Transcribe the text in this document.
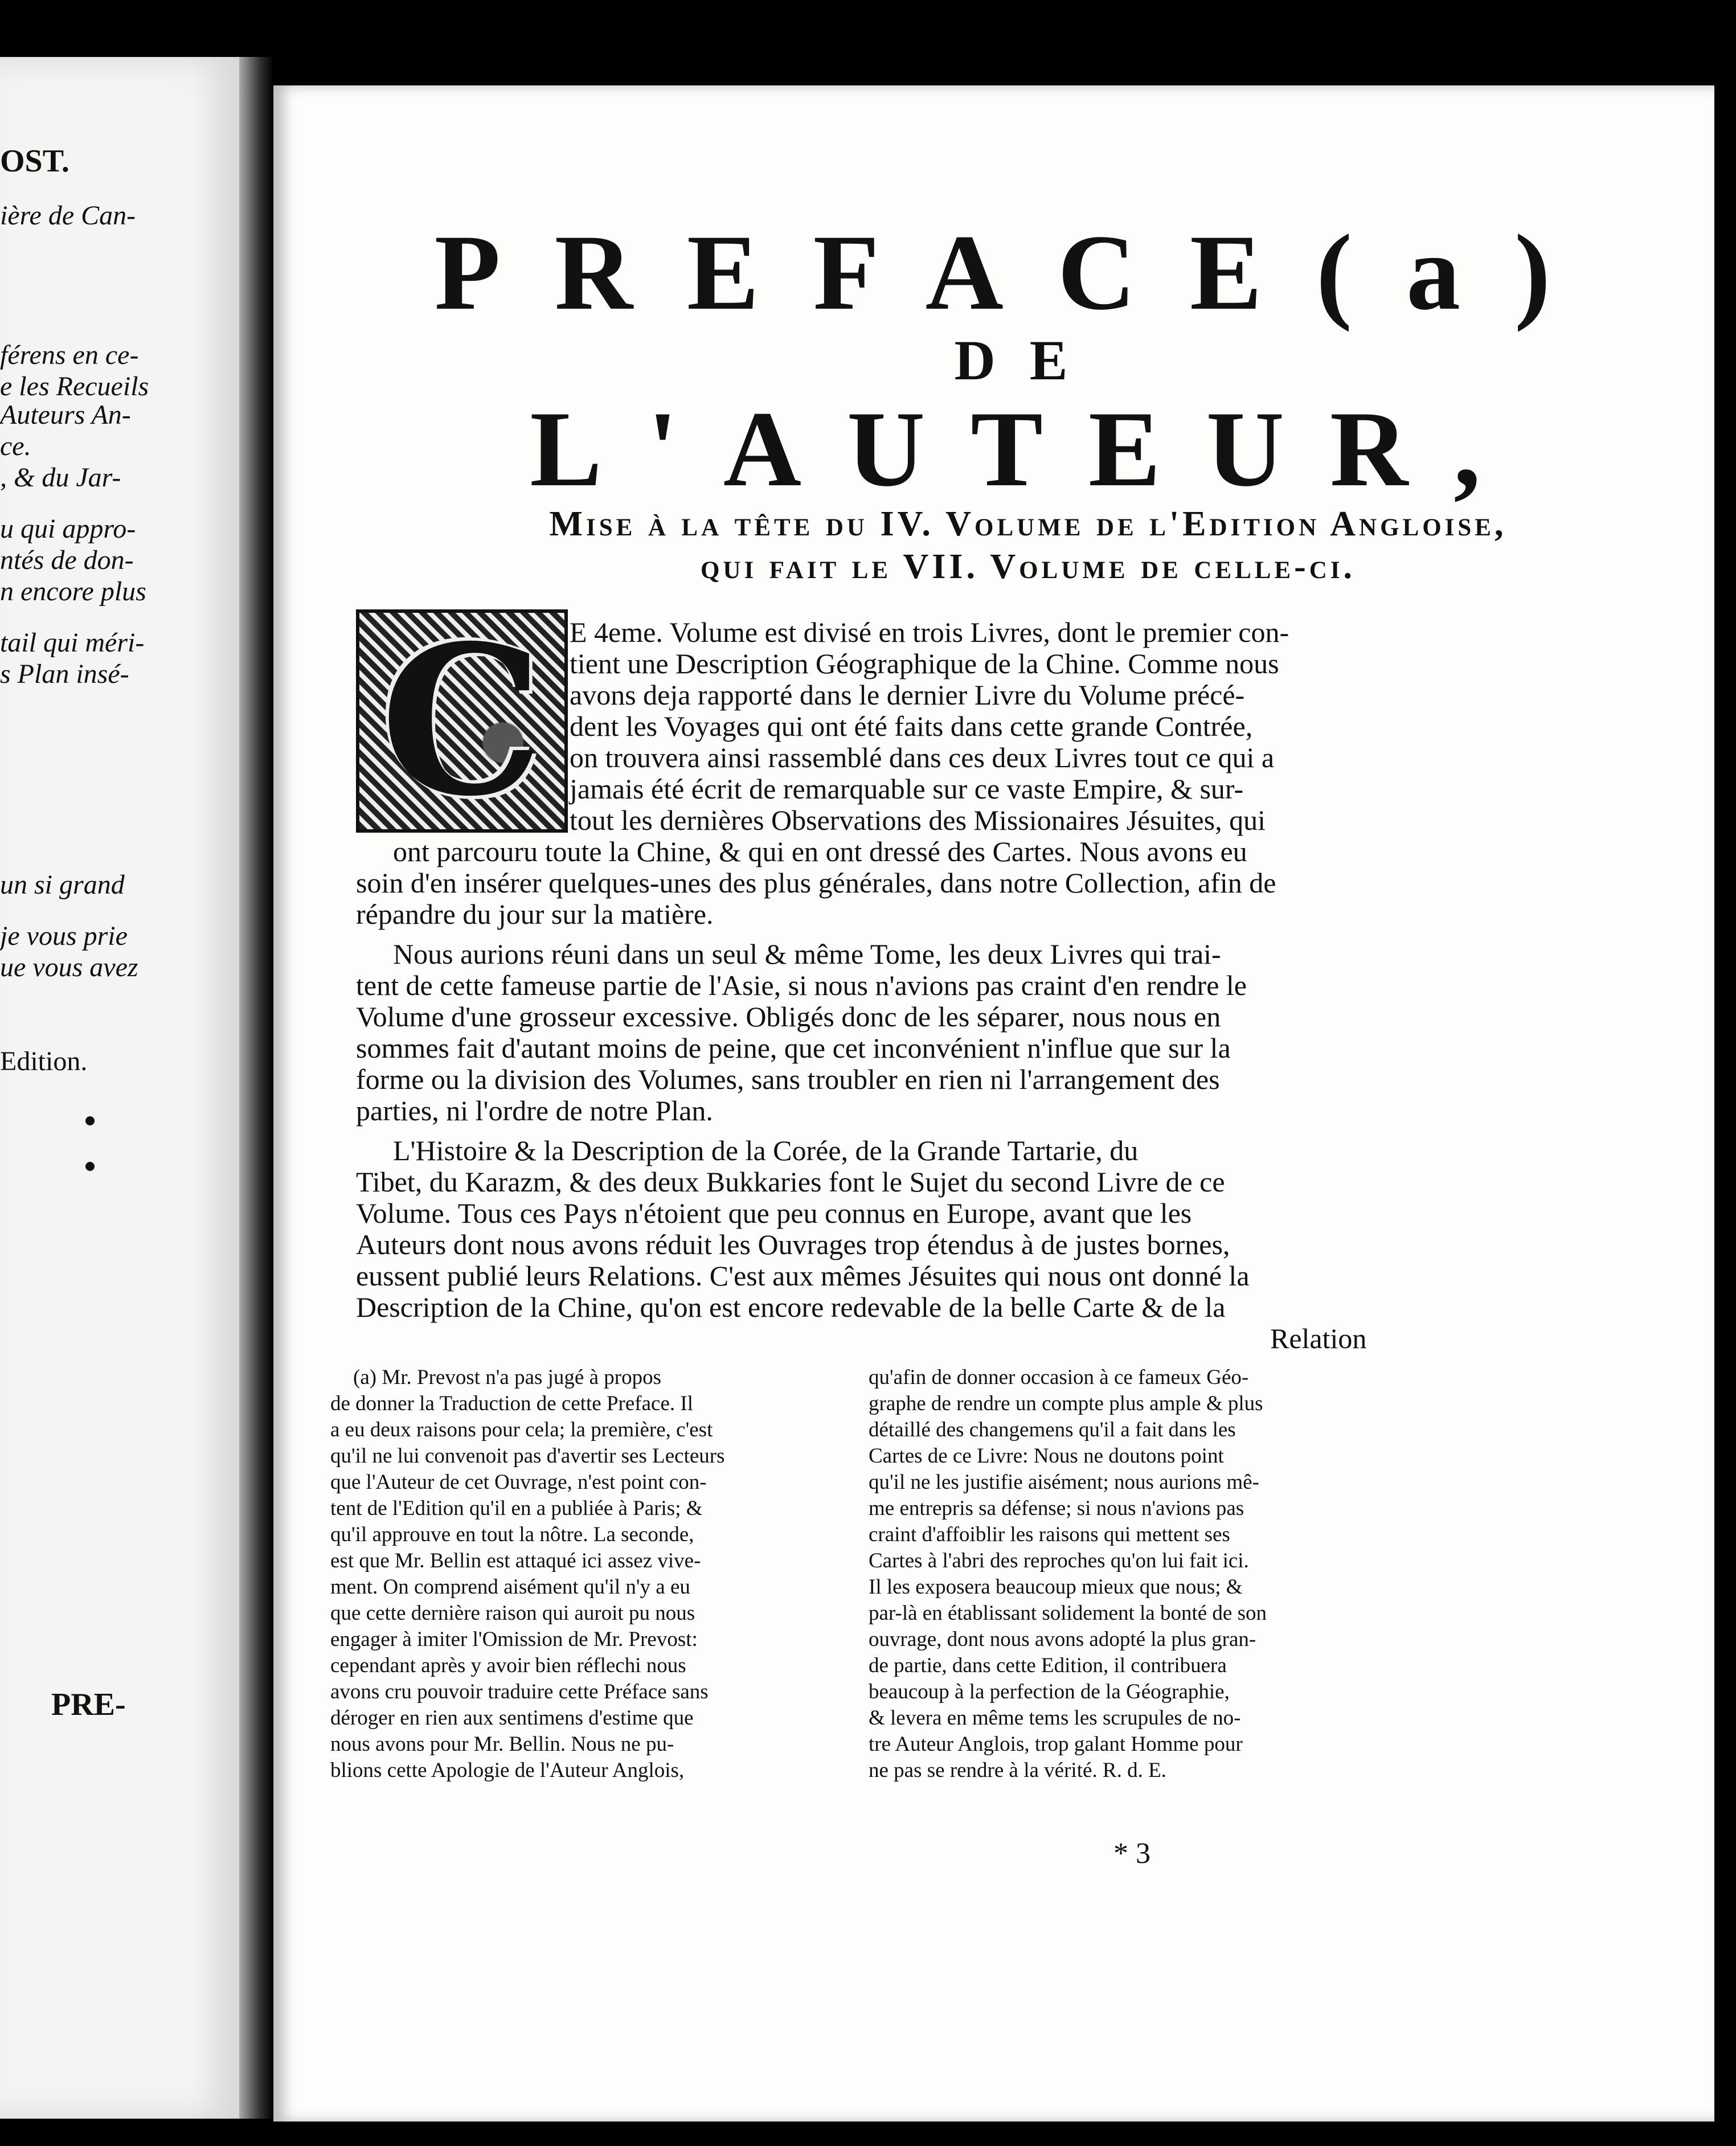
OST.
ière de Can-
férens en ce-
e les Recueils
Auteurs An-
ce.
, & du Jar-
u qui appro-
ntés de don-
n encore plus
tail qui méri-
s Plan insé-
un si grand
je vous prie
ue vous avez
Edition.
PRE-
PREFACE(a)
DE
L'AUTEUR,
Mise à la tête du IV. Volume de l'Edition Angloise,
qui fait le VII. Volume de celle-ci.
C E 4eme. Volume est divisé en trois Livres, dont le premier con-
tient une Description Géographique de la Chine. Comme nous
avons deja rapporté dans le dernier Livre du Volume précé-
dent les Voyages qui ont été faits dans cette grande Contrée,
on trouvera ainsi rassemblé dans ces deux Livres tout ce qui a
jamais été écrit de remarquable sur ce vaste Empire, & sur-
tout les dernières Observations des Missionaires Jésuites, qui
ont parcouru toute la Chine, & qui en ont dressé des Cartes. Nous avons eu
soin d'en insérer quelques-unes des plus générales, dans notre Collection, afin de
répandre du jour sur la matière.
Nous aurions réuni dans un seul & même Tome, les deux Livres qui trai-
tent de cette fameuse partie de l'Asie, si nous n'avions pas craint d'en rendre le
Volume d'une grosseur excessive. Obligés donc de les séparer, nous nous en
sommes fait d'autant moins de peine, que cet inconvénient n'influe que sur la
forme ou la division des Volumes, sans troubler en rien ni l'arrangement des
parties, ni l'ordre de notre Plan.
L'Histoire & la Description de la Corée, de la Grande Tartarie, du
Tibet, du Karazm, & des deux Bukkaries font le Sujet du second Livre de ce
Volume. Tous ces Pays n'étoient que peu connus en Europe, avant que les
Auteurs dont nous avons réduit les Ouvrages trop étendus à de justes bornes,
eussent publié leurs Relations. C'est aux mêmes Jésuites qui nous ont donné la
Description de la Chine, qu'on est encore redevable de la belle Carte & de la
Relation
(a) Mr. Prevost n'a pas jugé à propos
de donner la Traduction de cette Preface. Il
a eu deux raisons pour cela; la première, c'est
qu'il ne lui convenoit pas d'avertir ses Lecteurs
que l'Auteur de cet Ouvrage, n'est point con-
tent de l'Edition qu'il en a publiée à Paris; &
qu'il approuve en tout la nôtre. La seconde,
est que Mr. Bellin est attaqué ici assez vive-
ment. On comprend aisément qu'il n'y a eu
que cette dernière raison qui auroit pu nous
engager à imiter l'Omission de Mr. Prevost:
cependant après y avoir bien réflechi nous
avons cru pouvoir traduire cette Préface sans
déroger en rien aux sentimens d'estime que
nous avons pour Mr. Bellin. Nous ne pu-
blions cette Apologie de l'Auteur Anglois,
qu'afin de donner occasion à ce fameux Géo-
graphe de rendre un compte plus ample & plus
détaillé des changemens qu'il a fait dans les
Cartes de ce Livre: Nous ne doutons point
qu'il ne les justifie aisément; nous aurions mê-
me entrepris sa défense; si nous n'avions pas
craint d'affoiblir les raisons qui mettent ses
Cartes à l'abri des reproches qu'on lui fait ici.
Il les exposera beaucoup mieux que nous; &
par-là en établissant solidement la bonté de son
ouvrage, dont nous avons adopté la plus gran-
de partie, dans cette Edition, il contribuera
beaucoup à la perfection de la Géographie,
& levera en même tems les scrupules de no-
tre Auteur Anglois, trop galant Homme pour
ne pas se rendre à la vérité. R. d. E.
* 3
